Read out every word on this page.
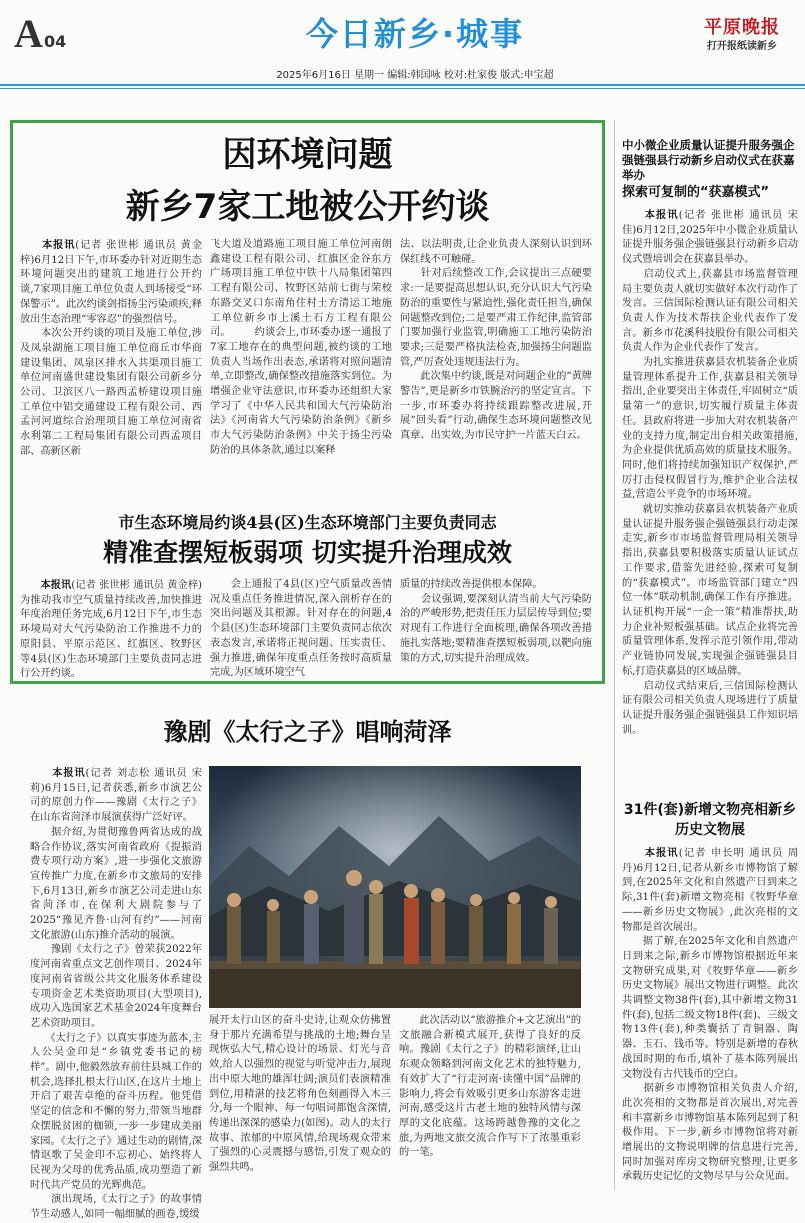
A 04	今日新乡·城事	平原晚报
打开报纸读新乡
2025年6月16日 星期一 编辑:韩国咏 校对:杜家俊 版式:申宝超
因环境问题
新乡7家工地被公开约谈
　　本报讯(记者 张世彬 通讯员 黄金梓)6月12日下午,市环委办针对近期生态环境问题突出的建筑工地进行公开约谈,7家项目施工单位负责人到场接受“环保警示”。此次约谈剑指扬尘污染顽疾,释放出生态治理“零容忍”的强烈信号。
　　本次公开约谈的项目及施工单位,涉及凤泉湖施工项目施工单位商丘市华商建设集团、凤泉区排水入共渠项目施工单位河南盛世建设集团有限公司新乡分公司、卫滨区八一路西孟桥建设项目施工单位中铝交通建设工程有限公司、西孟河河道综合治理项目施工单位河南省水利第二工程局集团有限公司西孟项目部、高新区新
飞大道及道路施工项目施工单位河南朗鑫建设工程有限公司、红旗区金谷东方广场项目施工单位中铁十八局集团第四工程有限公司、牧野区站前七街与荣校东路交叉口东南角住村土方清运工地施工单位新乡市上溪土石方工程有限公司。 　　约谈会上,市环委办逐一通报了7家工地存在的典型问题,被约谈的工地负责人当场作出表态,承诺将对照问题清单,立即整改,确保整改措施落实到位。为增强企业守法意识,市环委办还组织大家学习了《中华人民共和国大气污染防治法》《河南省大气污染防治条例》《新乡市大气污染防治条例》中关于扬尘污染防治的具体条款,通过以案释
法、以法明责,让企业负责人深刻认识到环保红线不可触碰。
　　针对后续整改工作,会议提出三点硬要求:一是要提高思想认识,充分认识大气污染防治的重要性与紧迫性,强化责任担当,确保问题整改到位;二是要严肃工作纪律,监管部门要加强行业监管,明确施工工地污染防治要求;三是要严格执法检查,加强扬尘问题监管,严厉查处违规违法行为。
　　此次集中约谈,既是对问题企业的“黄牌警告”,更是新乡市铁腕治污的坚定宣言。下一步,市环委办将持续跟踪整改进展,开展“回头看”行动,确保生态环境问题整改见真章、出实效,为市民守护一片蓝天白云。
市生态环境局约谈4县(区)生态环境部门主要负责同志
精准查摆短板弱项 切实提升治理成效
　　本报讯(记者 张世彬 通讯员 黄金梓)为推动我市空气质量持续改善,加快推进年度治理任务完成,6月12日下午,市生态环境局对大气污染防治工作推进不力的原阳县、平原示范区、红旗区、牧野区等4县(区)生态环境部门主要负责同志进行公开约谈。
　　会上通报了4县(区)空气质量改善情况及重点任务推进情况,深入剖析存在的突出问题及其根源。针对存在的问题,4个县(区)生态环境部门主要负责同志依次表态发言,承诺将正视问题、压实责任、强力推进,确保年度重点任务按时高质量完成,为区域环境空气
质量的持续改善提供根本保障。
　　会议强调,要深刻认清当前大气污染防治的严峻形势,把责任压力层层传导到位;要对现有工作进行全面梳理,确保各项改善措施扎实落地;要精准查摆短板弱项,以靶向施策的方式,切实提升治理成效。
豫剧《太行之子》唱响菏泽
　　本报讯(记者 刘志松 通讯员 宋莉)6月15日,记者获悉,新乡市演艺公司的原创力作——豫剧《太行之子》在山东省菏泽市展演获得广泛好评。
　　据介绍,为贯彻豫鲁两省达成的战略合作协议,落实河南省政府《提振消费专项行动方案》,进一步强化文旅游宣传推广力度,在新乡市文旅局的安排下,6月13日,新乡市演艺公司走进山东省菏泽市,在保利大剧院参与了2025“豫见齐鲁·山河有约”——河南文化旅游(山东)推介活动的展演。
　　豫剧《太行之子》曾荣获2022年度河南省重点文艺创作项目、2024年度河南省省级公共文化服务体系建设专项资金艺术类资助项目(大型项目),成功入选国家艺术基金2024年度舞台艺术资助项目。
　　《太行之子》以真实事迹为蓝本,主人公吴金印是“乡镇党委书记的榜样”。剧中,他毅然放弃前往县城工作的机会,选择扎根太行山区,在这片土地上开启了艰苦卓绝的奋斗历程。他凭借坚定的信念和不懈的努力,带领当地群众摆脱贫困的枷锁,一步一步建成美丽家园。《太行之子》通过生动的剧情,深情讴歌了吴金印不忘初心、始终将人民视为父母的优秀品质,成功塑造了新时代共产党员的光辉典范。
　　演出现场,《太行之子》的故事情节生动感人,如同一幅细腻的画卷,缓缓
展开太行山区的奋斗史诗,让观众仿佛置身于那片充满希望与挑战的土地;舞台呈现恢弘大气,精心设计的场景、灯光与音效,给人以强烈的视觉与听觉冲击力,展现出中原大地的雄浑壮阔;演员们表演精准到位,用精湛的技艺将角色刻画得入木三分,每一个眼神、每一句唱词都饱含深情,传递出深深的感染力(如图)。动人的太行故事、浓郁的中原风情,给现场观众带来了强烈的心灵震撼与感悟,引发了观众的强烈共鸣。
　　此次活动以“旅游推介+文艺演出”的文旅融合新模式展开,获得了良好的反响。豫剧《太行之子》的精彩演绎,让山东观众领略到河南文化艺术的独特魅力,有效扩大了“行走河南·读懂中国”品牌的影响力,将会有效吸引更多山东游客走进河南,感受这片古老土地的独特风情与深厚的文化底蕴。这场跨越鲁豫的文化之旅,为两地文旅交流合作写下了浓墨重彩的一笔。
中小微企业质量认证提升服务强企强链强县行动新乡启动仪式在获嘉举办
探索可复制的“获嘉模式”
　　本报讯(记者 张世彬 通讯员 宋佳)6月12日,2025年中小微企业质量认证提升服务强企强链强县行动新乡启动仪式暨培训会在获嘉县举办。
　　启动仪式上,获嘉县市场监督管理局主要负责人就切实做好本次行动作了发言。三信国际检测认证有限公司相关负责人作为技术帮扶企业代表作了发言。新乡市花溪科技股份有限公司相关负责人作为企业代表作了发言。
　　为扎实推进获嘉县农机装备企业质量管理体系提升工作,获嘉县相关领导指出,企业要突出主体责任,牢固树立“质量第一”的意识,切实履行质量主体责任。县政府将进一步加大对农机装备产业的支持力度,制定出台相关政策措施,为企业提供优质高效的质量技术服务。同时,他们将持续加强知识产权保护,严厉打击侵权假冒行为,维护企业合法权益,营造公平竞争的市场环境。
　　就切实推动获嘉县农机装备产业质量认证提升服务强企强链强县行动走深走实,新乡市市场监督管理局相关领导指出,获嘉县要积极落实质量认证试点工作要求,借鉴先进经验,探索可复制的“获嘉模式”。市场监管部门建立“四位一体”联动机制,确保工作有序推进。认证机构开展“一企一策”精准帮扶,助力企业补短板强基础。试点企业将完善质量管理体系,发挥示范引领作用,带动产业链协同发展,实现强企强链强县目标,打造获嘉县的区域品牌。
　　启动仪式结束后,三信国际检测认证有限公司相关负责人现场进行了质量认证提升服务强企强链强县工作知识培训。
31件(套)新增文物亮相新乡历史文物展
　　本报讯(记者 申长明 通讯员 周丹)6月12日,记者从新乡市博物馆了解到,在2025年文化和自然遗产日到来之际,31件(套)新增文物亮相《牧野华章——新乡历史文物展》,此次亮相的文物都是首次展出。
　　据了解,在2025年文化和自然遗产日到来之际,新乡市博物馆根据近年来文物研究成果,对《牧野华章——新乡历史文物展》展出文物进行调整。此次共调整文物38件(套),其中新增文物31件(套),包括二级文物18件(套)、三级文物13件(套),种类囊括了青铜器、陶器、玉石、钱币等。特别是新增的春秋战国时期的布币,填补了基本陈列展出文物没有古代钱币的空白。
　　据新乡市博物馆相关负责人介绍,此次亮相的文物都是首次展出,对完善和丰富新乡市博物馆基本陈列起到了积极作用。下一步,新乡市博物馆将对新增展出的文物说明牌的信息进行完善,同时加强对库房文物研究整理,让更多承载历史记忆的文物尽早与公众见面。
